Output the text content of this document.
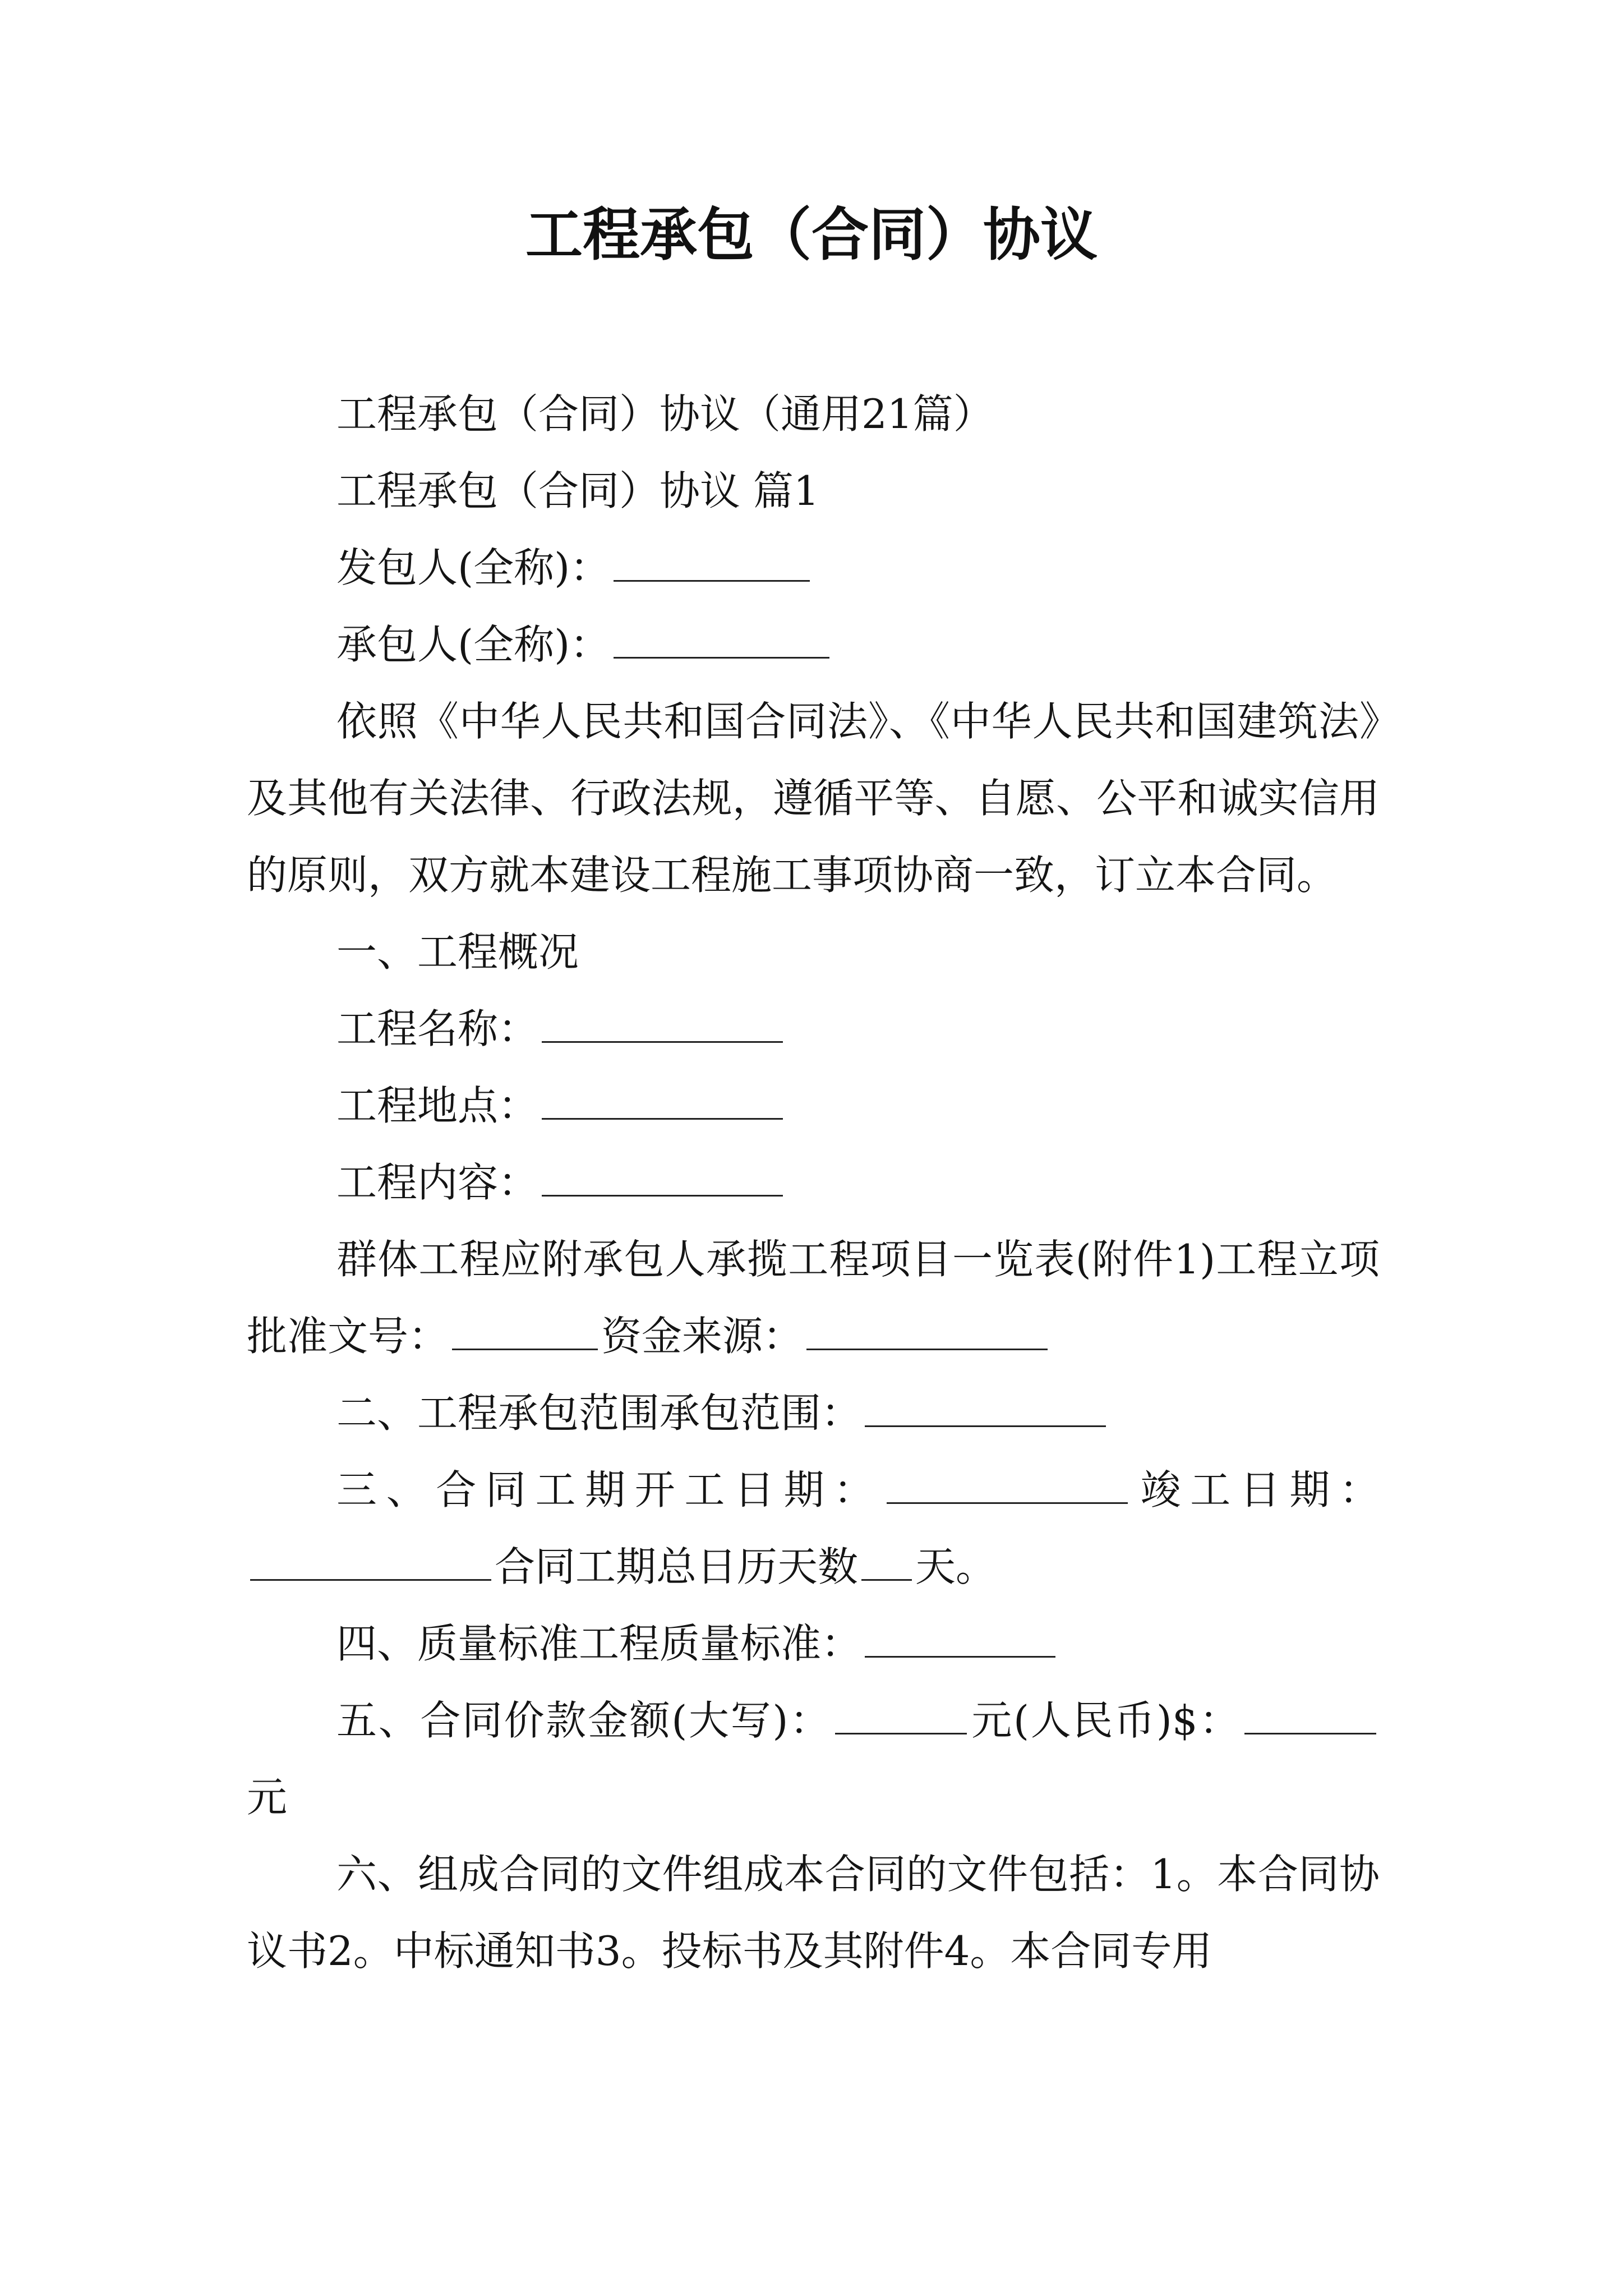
工程承包（合同）协议

工程承包（合同）协议（通用21篇）

工程承包（合同）协议 篇1

发包人(全称)：

承包人(全称)：

依照《中华人民共和国合同法》、《中华人民共和国建筑法》及其他有关法律、行政法规，遵循平等、自愿、公平和诚实信用的原则，双方就本建设工程施工事项协商一致，订立本合同。

一、工程概况

工程名称：

工程地点：

工程内容：

群体工程应附承包人承揽工程项目一览表(附件1)工程立项批准文号：	资金来源：

二、工程承包范围承包范围：

三、合同工期开工日期：	竣工日期：合同工期总日历天数 天。

四、质量标准工程质量标准：

五、合同价款金额(大写)：	元(人民币)$：元

六、组成合同的文件组成本合同的文件包括：1。本合同协议书2。中标通知书3。投标书及其附件4。本合同专用
